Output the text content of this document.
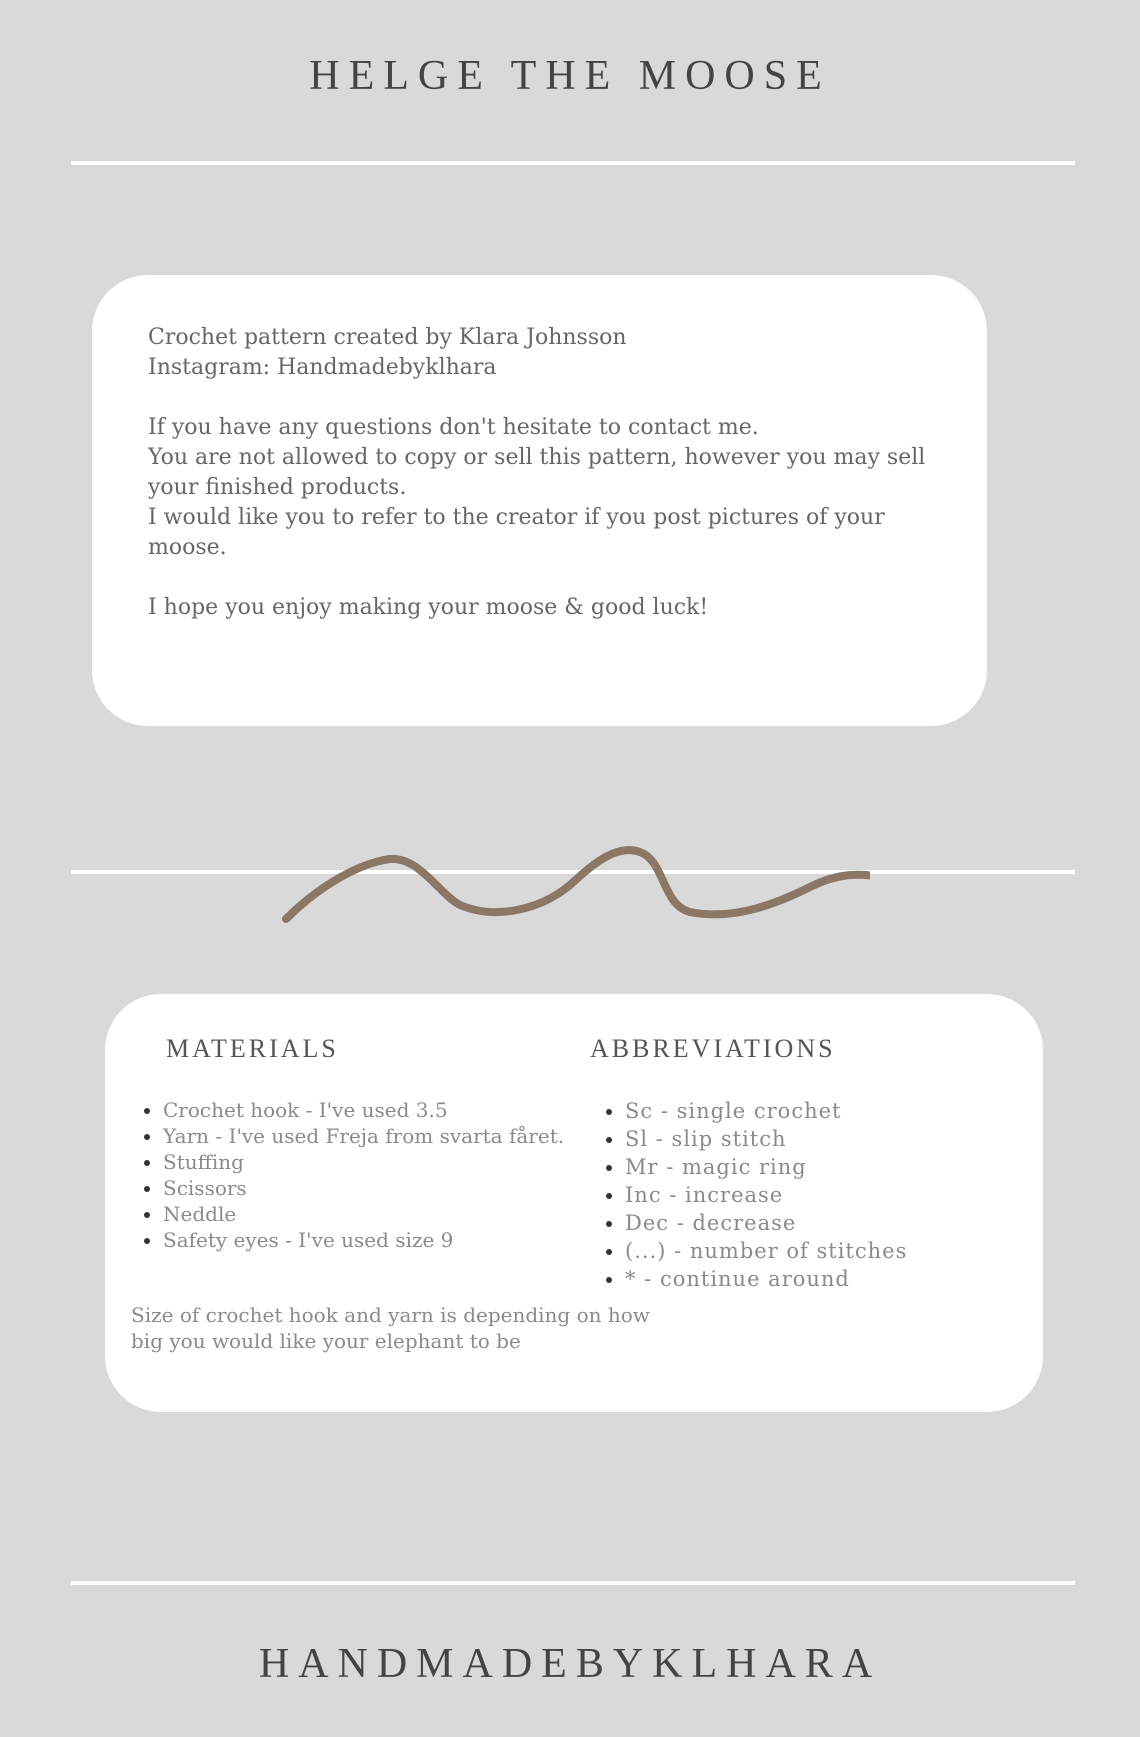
HELGE THE MOOSE

Crochet pattern created by Klara Johnsson

Instagram: Handmadebyklhara

If you have any questions don't hesitate to contact me.

You are not allowed to copy or sell this pattern, however you may sell your finished products.

I would like you to refer to the creator if you post pictures of your moose.

I hope you enjoy making your moose & good luck!

MATERIALS	ABBREVIATIONS
• Crochet hook - I've used 3.5
• Yarn - I've used Freja from svarta fåret.
• Stuffing
• Scissors
• Neddle
• Safety eyes - I've used size 9
• Sc - single crochet
• Sl - slip stitch
• Mr - magic ring
• Inc - increase
• Dec - decrease
• (...) - number of stitches
• * - continue around
Size of crochet hook and yarn is depending on how big you would like your elephant to be
HANDMADEBYKLHARA
